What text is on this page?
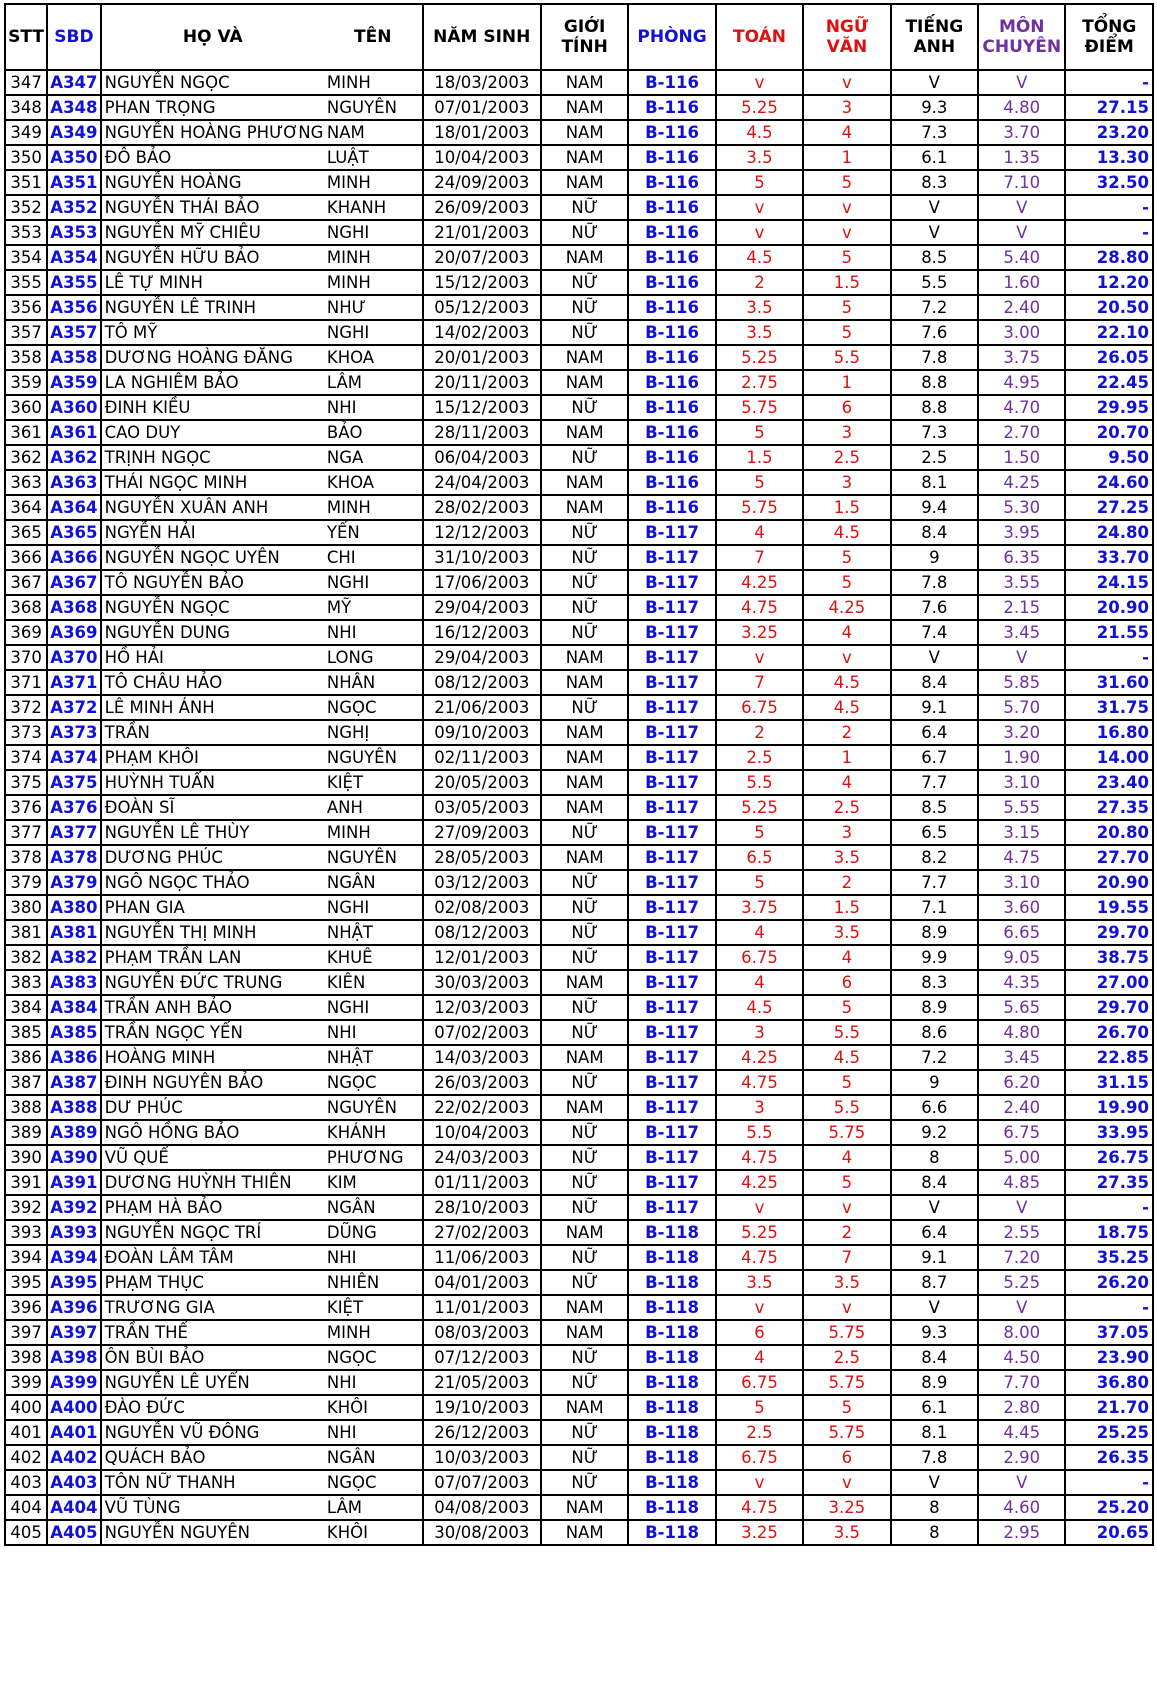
STT	SBD	HỌ VÀ	TÊN	NĂM SINH	GIỚI TÍNH	PHÒNG	TOÁN	NGỮ VĂN	TIẾNG ANH	MÔN CHUYÊN	TỔNG ĐIỂM
347	A347	NGUYỄN NGỌC	MINH	18/03/2003	NAM	B-116	v	v	V	V	-
348	A348	PHAN TRỌNG	NGUYÊN	07/01/2003	NAM	B-116	5.25	3	9.3	4.80	27.15
349	A349	NGUYỄN HOÀNG PHƯƠNG	NAM	18/01/2003	NAM	B-116	4.5	4	7.3	3.70	23.20
350	A350	ĐỖ BẢO	LUẬT	10/04/2003	NAM	B-116	3.5	1	6.1	1.35	13.30
351	A351	NGUYỄN HOÀNG	MINH	24/09/2003	NAM	B-116	5	5	8.3	7.10	32.50
352	A352	NGUYỄN THÁI BẢO	KHANH	26/09/2003	NỮ	B-116	v	v	V	V	-
353	A353	NGUYỄN MỸ CHIÊU	NGHI	21/01/2003	NỮ	B-116	v	v	V	V	-
354	A354	NGUYỄN HỮU BẢO	MINH	20/07/2003	NAM	B-116	4.5	5	8.5	5.40	28.80
355	A355	LÊ TỰ MINH	MINH	15/12/2003	NỮ	B-116	2	1.5	5.5	1.60	12.20
356	A356	NGUYỄN LÊ TRINH	NHƯ	05/12/2003	NỮ	B-116	3.5	5	7.2	2.40	20.50
357	A357	TÔ MỸ	NGHI	14/02/2003	NỮ	B-116	3.5	5	7.6	3.00	22.10
358	A358	DƯƠNG HOÀNG ĐĂNG	KHOA	20/01/2003	NAM	B-116	5.25	5.5	7.8	3.75	26.05
359	A359	LA NGHIÊM BẢO	LÂM	20/11/2003	NAM	B-116	2.75	1	8.8	4.95	22.45
360	A360	ĐINH KIỀU	NHI	15/12/2003	NỮ	B-116	5.75	6	8.8	4.70	29.95
361	A361	CAO DUY	BẢO	28/11/2003	NAM	B-116	5	3	7.3	2.70	20.70
362	A362	TRỊNH NGỌC	NGA	06/04/2003	NỮ	B-116	1.5	2.5	2.5	1.50	9.50
363	A363	THÁI NGỌC MINH	KHOA	24/04/2003	NAM	B-116	5	3	8.1	4.25	24.60
364	A364	NGUYỄN XUÂN ANH	MINH	28/02/2003	NAM	B-116	5.75	1.5	9.4	5.30	27.25
365	A365	NGYỄN HẢI	YẾN	12/12/2003	NỮ	B-117	4	4.5	8.4	3.95	24.80
366	A366	NGUYỄN NGỌC UYÊN	CHI	31/10/2003	NỮ	B-117	7	5	9	6.35	33.70
367	A367	TÔ NGUYỄN BẢO	NGHI	17/06/2003	NỮ	B-117	4.25	5	7.8	3.55	24.15
368	A368	NGUYỄN NGỌC	MỸ	29/04/2003	NỮ	B-117	4.75	4.25	7.6	2.15	20.90
369	A369	NGUYỄN DUNG	NHI	16/12/2003	NỮ	B-117	3.25	4	7.4	3.45	21.55
370	A370	HỒ HẢI	LONG	29/04/2003	NAM	B-117	v	v	V	V	-
371	A371	TÔ CHÂU HẢO	NHÂN	08/12/2003	NAM	B-117	7	4.5	8.4	5.85	31.60
372	A372	LÊ MINH ÁNH	NGỌC	21/06/2003	NỮ	B-117	6.75	4.5	9.1	5.70	31.75
373	A373	TRẦN	NGHỊ	09/10/2003	NAM	B-117	2	2	6.4	3.20	16.80
374	A374	PHẠM KHÔI	NGUYÊN	02/11/2003	NAM	B-117	2.5	1	6.7	1.90	14.00
375	A375	HUỲNH TUẤN	KIỆT	20/05/2003	NAM	B-117	5.5	4	7.7	3.10	23.40
376	A376	ĐOÀN SĨ	ANH	03/05/2003	NAM	B-117	5.25	2.5	8.5	5.55	27.35
377	A377	NGUYỄN LÊ THÙY	MINH	27/09/2003	NỮ	B-117	5	3	6.5	3.15	20.80
378	A378	DƯƠNG PHÚC	NGUYÊN	28/05/2003	NAM	B-117	6.5	3.5	8.2	4.75	27.70
379	A379	NGÔ NGỌC THẢO	NGÂN	03/12/2003	NỮ	B-117	5	2	7.7	3.10	20.90
380	A380	PHAN GIA	NGHI	02/08/2003	NỮ	B-117	3.75	1.5	7.1	3.60	19.55
381	A381	NGUYỄN THỊ MINH	NHẬT	08/12/2003	NỮ	B-117	4	3.5	8.9	6.65	29.70
382	A382	PHẠM TRẦN LAN	KHUÊ	12/01/2003	NỮ	B-117	6.75	4	9.9	9.05	38.75
383	A383	NGUYỄN ĐỨC TRUNG	KIÊN	30/03/2003	NAM	B-117	4	6	8.3	4.35	27.00
384	A384	TRẦN ANH BẢO	NGHI	12/03/2003	NỮ	B-117	4.5	5	8.9	5.65	29.70
385	A385	TRẦN NGỌC YẾN	NHI	07/02/2003	NỮ	B-117	3	5.5	8.6	4.80	26.70
386	A386	HOÀNG MINH	NHẬT	14/03/2003	NAM	B-117	4.25	4.5	7.2	3.45	22.85
387	A387	ĐINH NGUYÊN BẢO	NGỌC	26/03/2003	NỮ	B-117	4.75	5	9	6.20	31.15
388	A388	DƯ PHÚC	NGUYÊN	22/02/2003	NAM	B-117	3	5.5	6.6	2.40	19.90
389	A389	NGÔ HỒNG BẢO	KHÁNH	10/04/2003	NỮ	B-117	5.5	5.75	9.2	6.75	33.95
390	A390	VŨ QUẾ	PHƯƠNG	24/03/2003	NỮ	B-117	4.75	4	8	5.00	26.75
391	A391	DƯƠNG HUỲNH THIÊN	KIM	01/11/2003	NỮ	B-117	4.25	5	8.4	4.85	27.35
392	A392	PHẠM HÀ BẢO	NGÂN	28/10/2003	NỮ	B-117	v	v	V	V	-
393	A393	NGUYỄN NGỌC TRÍ	DŨNG	27/02/2003	NAM	B-118	5.25	2	6.4	2.55	18.75
394	A394	ĐOÀN LÂM TÂM	NHI	11/06/2003	NỮ	B-118	4.75	7	9.1	7.20	35.25
395	A395	PHẠM THỤC	NHIÊN	04/01/2003	NỮ	B-118	3.5	3.5	8.7	5.25	26.20
396	A396	TRƯƠNG GIA	KIỆT	11/01/2003	NAM	B-118	v	v	V	V	-
397	A397	TRẦN THẾ	MINH	08/03/2003	NAM	B-118	6	5.75	9.3	8.00	37.05
398	A398	ÔN BÙI BẢO	NGỌC	07/12/2003	NỮ	B-118	4	2.5	8.4	4.50	23.90
399	A399	NGUYỄN LÊ UYỂN	NHI	21/05/2003	NỮ	B-118	6.75	5.75	8.9	7.70	36.80
400	A400	ĐÀO ĐỨC	KHÔI	19/10/2003	NAM	B-118	5	5	6.1	2.80	21.70
401	A401	NGUYỄN VŨ ĐÔNG	NHI	26/12/2003	NỮ	B-118	2.5	5.75	8.1	4.45	25.25
402	A402	QUÁCH BẢO	NGÂN	10/03/2003	NỮ	B-118	6.75	6	7.8	2.90	26.35
403	A403	TÔN NỮ THANH	NGỌC	07/07/2003	NỮ	B-118	v	v	V	V	-
404	A404	VŨ TÙNG	LÂM	04/08/2003	NAM	B-118	4.75	3.25	8	4.60	25.20
405	A405	NGUYỄN NGUYÊN	KHÔI	30/08/2003	NAM	B-118	3.25	3.5	8	2.95	20.65
